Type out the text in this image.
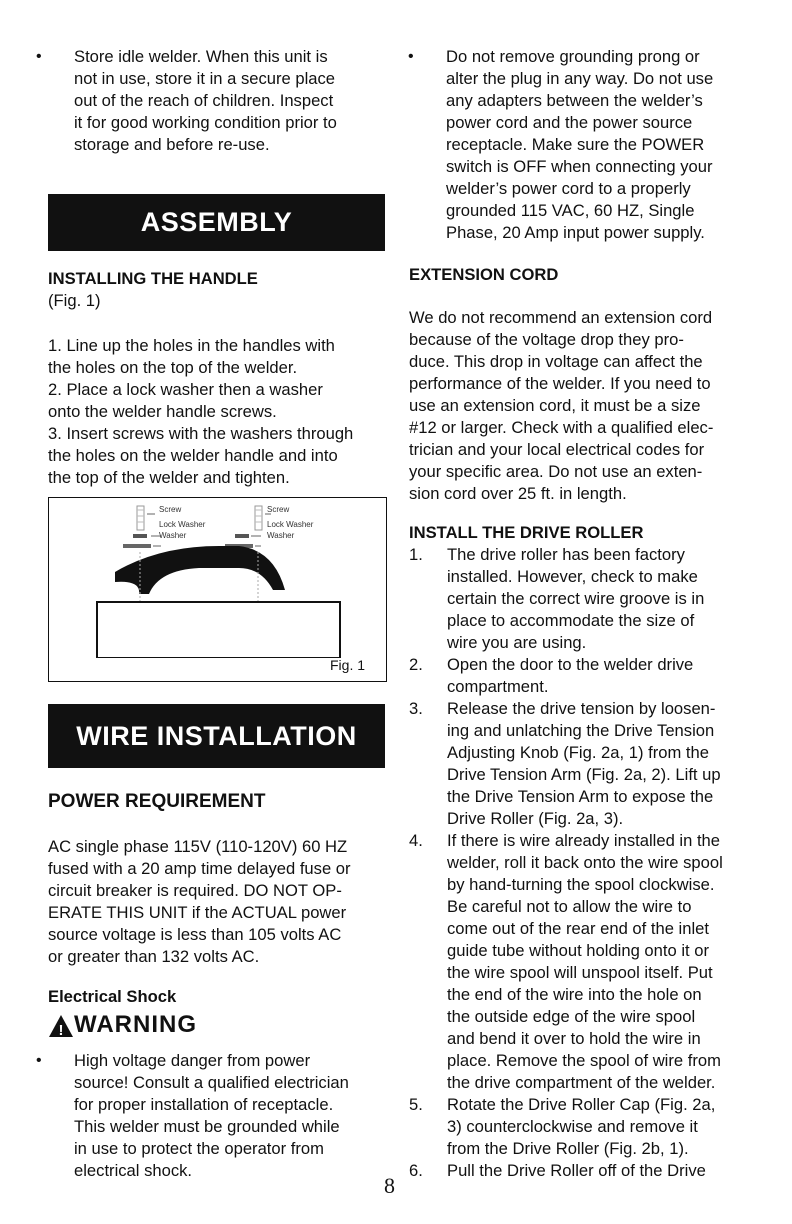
•	Store idle welder. When this unit is
not in use, store it in a secure place
out of the reach of children. Inspect
it for good working condition prior to
storage and before re-use.
ASSEMBLY
INSTALLING THE HANDLE
(Fig. 1)
1. Line up the holes in the handles with
the holes on the top of the welder.
2. Place a lock washer then a washer
onto the welder handle screws.
3. Insert screws with the washers through
the holes on the welder handle and into
the top of the welder and tighten.
Screw
Lock Washer
Washer
Screw
Lock Washer
Washer
Fig. 1
WIRE INSTALLATION
POWER REQUIREMENT
AC single phase 115V (110-120V) 60 HZ
fused with a 20 amp time delayed fuse or
circuit breaker is required. DO NOT OP-
ERATE THIS UNIT if the ACTUAL power
source voltage is less than 105 volts AC
or greater than 132 volts AC.
Electrical Shock
! WARNING
•	High voltage danger from power
source! Consult a qualified electrician
for proper installation of receptacle.
This welder must be grounded while
in use to protect the operator from
electrical shock.
8
•	Do not remove grounding prong or
alter the plug in any way. Do not use
any adapters between the welder’s
power cord and the power source
receptacle. Make sure the POWER
switch is OFF when connecting your
welder’s power cord to a properly
grounded 115 VAC, 60 HZ, Single
Phase, 20 Amp input power supply.
EXTENSION CORD
We do not recommend an extension cord
because of the voltage drop they pro-
duce. This drop in voltage can affect the
performance of the welder. If you need to
use an extension cord, it must be a size
#12 or larger. Check with a qualified elec-
trician and your local electrical codes for
your specific area. Do not use an exten-
sion cord over 25 ft. in length.
INSTALL THE DRIVE ROLLER
1.	The drive roller has been factory
installed. However, check to make
certain the correct wire groove is in
place to accommodate the size of
wire you are using.
2.	Open the door to the welder drive
compartment.
3.	Release the drive tension by loosen-
ing and unlatching the Drive Tension
Adjusting Knob (Fig. 2a, 1) from the
Drive Tension Arm (Fig. 2a, 2). Lift up
the Drive Tension Arm to expose the
Drive Roller (Fig. 2a, 3).
4.	If there is wire already installed in the
welder, roll it back onto the wire spool
by hand-turning the spool clockwise.
Be careful not to allow the wire to
come out of the rear end of the inlet
guide tube without holding onto it or
the wire spool will unspool itself. Put
the end of the wire into the hole on
the outside edge of the wire spool
and bend it over to hold the wire in
place. Remove the spool of wire from
the drive compartment of the welder.
5.	Rotate the Drive Roller Cap (Fig. 2a,
3) counterclockwise and remove it
from the Drive Roller (Fig. 2b, 1).
6.	Pull the Drive Roller off of the Drive
